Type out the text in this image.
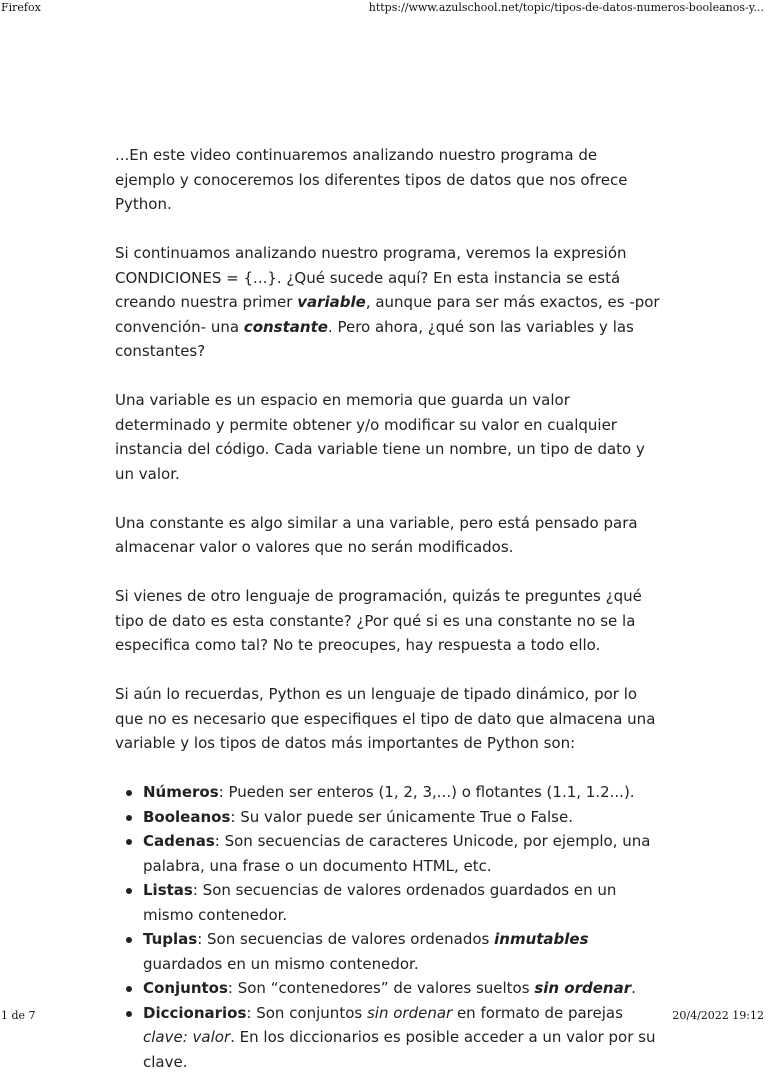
Firefox	https://www.azulschool.net/topic/tipos-de-datos-numeros-booleanos-y...

...En este video continuaremos analizando nuestro programa de ejemplo y conoceremos los diferentes tipos de datos que nos ofrece Python.

Si continuamos analizando nuestro programa, veremos la expresión CONDICIONES = {...}. ¿Qué sucede aquí? En esta instancia se está creando nuestra primer variable, aunque para ser más exactos, es -por convención- una constante. Pero ahora, ¿qué son las variables y las constantes?

Una variable es un espacio en memoria que guarda un valor determinado y permite obtener y/o modificar su valor en cualquier instancia del código. Cada variable tiene un nombre, un tipo de dato y un valor.

Una constante es algo similar a una variable, pero está pensado para almacenar valor o valores que no serán modificados.

Si vienes de otro lenguaje de programación, quizás te preguntes ¿qué tipo de dato es esta constante? ¿Por qué si es una constante no se la especifica como tal? No te preocupes, hay respuesta a todo ello.

Si aún lo recuerdas, Python es un lenguaje de tipado dinámico, por lo que no es necesario que especifiques el tipo de dato que almacena una variable y los tipos de datos más importantes de Python son:

Números: Pueden ser enteros (1, 2, 3,...) o flotantes (1.1, 1.2...).
Booleanos: Su valor puede ser únicamente True o False.
Cadenas: Son secuencias de caracteres Unicode, por ejemplo, una palabra, una frase o un documento HTML, etc.
Listas: Son secuencias de valores ordenados guardados en un mismo contenedor.
Tuplas: Son secuencias de valores ordenados inmutables guardados en un mismo contenedor.
Conjuntos: Son “contenedores” de valores sueltos sin ordenar.
Diccionarios: Son conjuntos sin ordenar en formato de parejas clave: valor. En los diccionarios es posible acceder a un valor por su clave.
1 de 7	20/4/2022 19:12
